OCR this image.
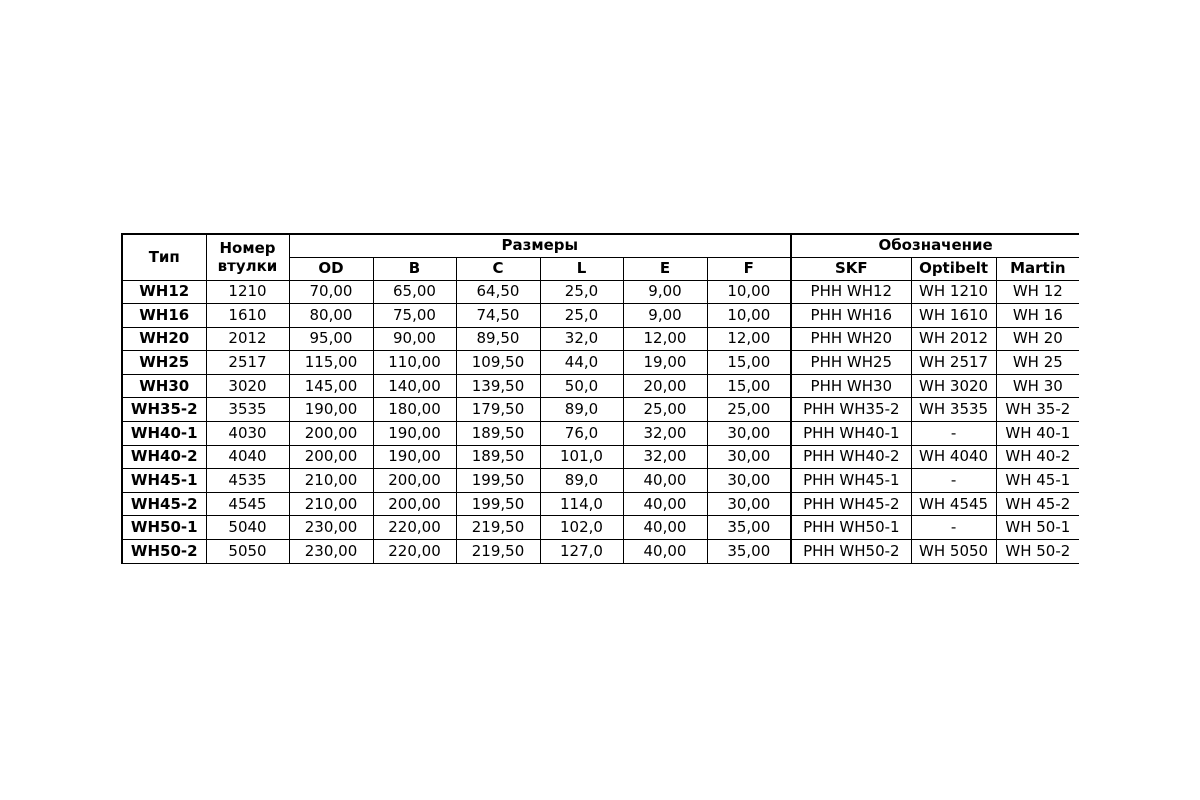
Тип	Номер втулки	Размеры						Обозначение		
		OD	B	C	L	E	F	SKF	Optibelt	Martin
WH12	1210	70,00	65,00	64,50	25,0	9,00	10,00	PHH WH12	WH 1210	WH 12
WH16	1610	80,00	75,00	74,50	25,0	9,00	10,00	PHH WH16	WH 1610	WH 16
WH20	2012	95,00	90,00	89,50	32,0	12,00	12,00	PHH WH20	WH 2012	WH 20
WH25	2517	115,00	110,00	109,50	44,0	19,00	15,00	PHH WH25	WH 2517	WH 25
WH30	3020	145,00	140,00	139,50	50,0	20,00	15,00	PHH WH30	WH 3020	WH 30
WH35-2	3535	190,00	180,00	179,50	89,0	25,00	25,00	PHH WH35-2	WH 3535	WH 35-2
WH40-1	4030	200,00	190,00	189,50	76,0	32,00	30,00	PHH WH40-1	-	WH 40-1
WH40-2	4040	200,00	190,00	189,50	101,0	32,00	30,00	PHH WH40-2	WH 4040	WH 40-2
WH45-1	4535	210,00	200,00	199,50	89,0	40,00	30,00	PHH WH45-1	-	WH 45-1
WH45-2	4545	210,00	200,00	199,50	114,0	40,00	30,00	PHH WH45-2	WH 4545	WH 45-2
WH50-1	5040	230,00	220,00	219,50	102,0	40,00	35,00	PHH WH50-1	-	WH 50-1
WH50-2	5050	230,00	220,00	219,50	127,0	40,00	35,00	PHH WH50-2	WH 5050	WH 50-2
